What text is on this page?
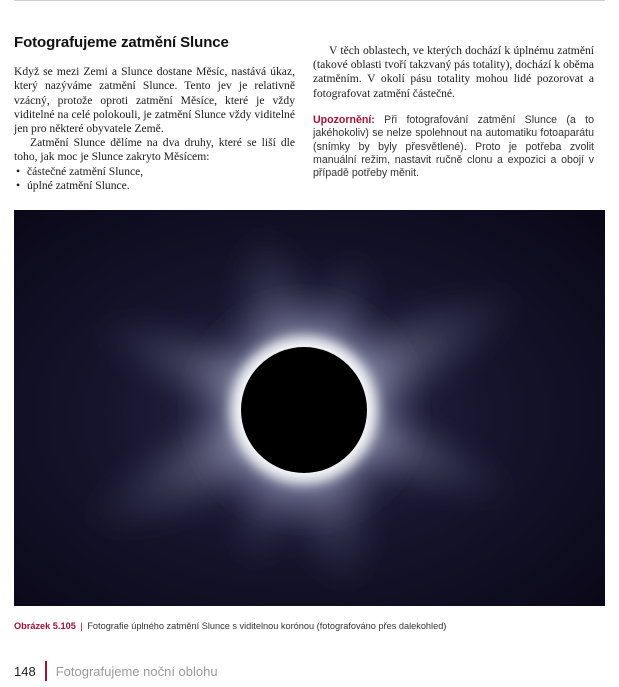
Fotografujeme zatmění Slunce

Když se mezi Zemi a Slunce dostane Měsíc, nastává úkaz, který nazýváme zatmění Slunce. Tento jev je relativně vzácný, protože oproti zatmění Měsíce, které je vždy viditelné na celé polokouli, je zatmění Slunce vždy viditelné jen pro některé obyvatele Země.

Zatmění Slunce dělíme na dva druhy, které se liší dle toho, jak moc je Slunce zakryto Měsícem:

• částečné zatmění Slunce,
• úplné zatmění Slunce.

V těch oblastech, ve kterých dochází k úplnému zatmění (takové oblasti tvoří takzvaný pás totality), dochází k oběma zatměním. V okolí pásu totality mohou lidé pozorovat a fotografovat zatmění částečné.

Upozornění: Při fotografování zatmění Slunce (a to jakéhokoliv) se nelze spolehnout na automatiku fotoaparátu (snímky by byly přesvětlené). Proto je potřeba zvolit manuální režim, nastavit ručně clonu a expozici a obojí v případě potřeby měnit.
Obrázek 5.105 | Fotografie úplného zatmění Slunce s viditelnou korónou (fotografováno přes dalekohled)
148 Fotografujeme noční oblohu
